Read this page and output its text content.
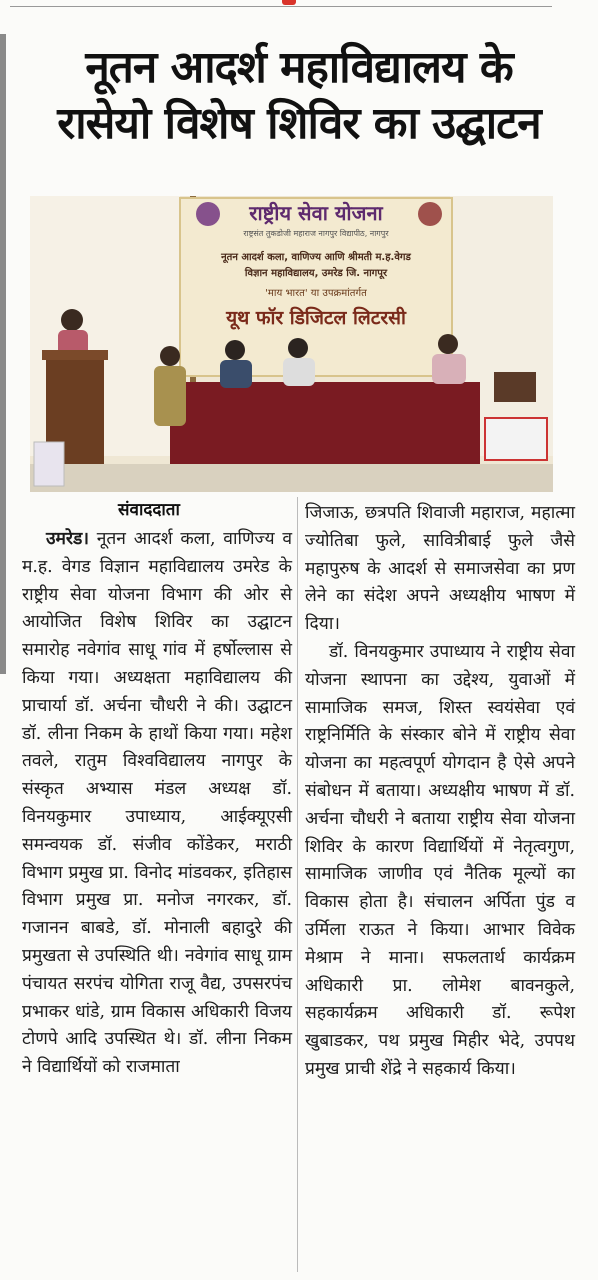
नूतन आदर्श महाविद्यालय के
रासेयो विशेष शिविर का उद्घाटन
राष्ट्रीय सेवा योजना
राष्ट्रसंत तुकडोजी महाराज नागपुर विद्यापीठ, नागपुर
नूतन आदर्श कला, वाणिज्य आणि श्रीमती म.ह.वेगड
विज्ञान महाविद्यालय, उमरेड जि. नागपूर
'माय भारत' या उपक्रमांतर्गत
यूथ फॉर डिजिटल लिटरसी
संवाददाता

उमरेड। नूतन आदर्श कला, वाणिज्य व म.ह. वेगड विज्ञान महाविद्यालय उमरेड के राष्ट्रीय सेवा योजना विभाग की ओर से आयोजित विशेष शिविर का उद्घाटन समारोह नवेगांव साधू गांव में हर्षोल्लास से किया गया। अध्यक्षता महाविद्यालय की प्राचार्या डॉ. अर्चना चौधरी ने की। उद्घाटन डॉ. लीना निकम के हाथों किया गया। महेश तवले, रातुम विश्वविद्यालय नागपुर के संस्कृत अभ्यास मंडल अध्यक्ष डॉ. विनयकुमार उपाध्याय, आईक्यूएसी समन्वयक डॉ. संजीव कोंडेकर, मराठी विभाग प्रमुख प्रा. विनोद मांडवकर, इतिहास विभाग प्रमुख प्रा. मनोज नगरकर, डॉ. गजानन बाबडे, डॉ. मोनाली बहादुरे की प्रमुखता से उपस्थिति थी। नवेगांव साधू ग्राम पंचायत सरपंच योगिता राजू वैद्य, उपसरपंच प्रभाकर धांडे, ग्राम विकास अधिकारी विजय टोणपे आदि उपस्थित थे। डॉ. लीना निकम ने विद्यार्थियों को राजमाता

जिजाऊ, छत्रपति शिवाजी महाराज, महात्मा ज्योतिबा फुले, सावित्रीबाई फुले जैसे महापुरुष के आदर्श से समाजसेवा का प्रण लेने का संदेश अपने अध्यक्षीय भाषण में दिया।

डॉ. विनयकुमार उपाध्याय ने राष्ट्रीय सेवा योजना स्थापना का उद्देश्य, युवाओं में सामाजिक समज, शिस्त स्वयंसेवा एवं राष्ट्रनिर्मिति के संस्कार बोने में राष्ट्रीय सेवा योजना का महत्वपूर्ण योगदान है ऐसे अपने संबोधन में बताया। अध्यक्षीय भाषण में डॉ. अर्चना चौधरी ने बताया राष्ट्रीय सेवा योजना शिविर के कारण विद्यार्थियों में नेतृत्वगुण, सामाजिक जाणीव एवं नैतिक मूल्यों का विकास होता है। संचालन अर्पिता पुंड व उर्मिला राऊत ने किया। आभार विवेक मेश्राम ने माना। सफलतार्थ कार्यक्रम अधिकारी प्रा. लोमेश बावनकुले, सहकार्यक्रम अधिकारी डॉ. रूपेश खुबाडकर, पथ प्रमुख मिहीर भेदे, उपपथ प्रमुख प्राची शेंद्रे ने सहकार्य किया।
